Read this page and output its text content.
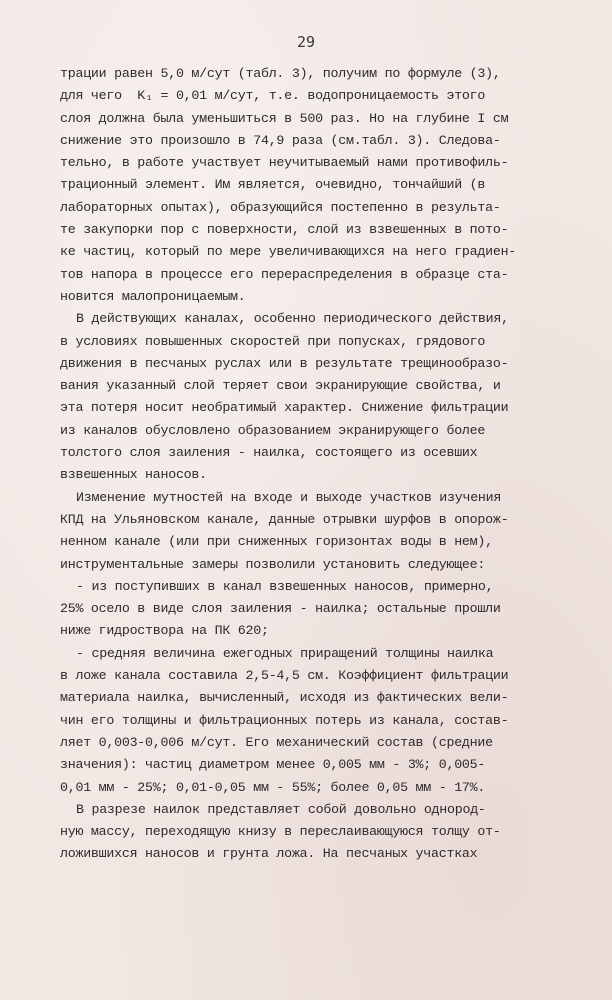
29
трации равен 5,0 м/сут (табл. 3), получим по формуле (3),
для чего  K₁ = 0,01 м/сут, т.е. водопроницаемость этого
слоя должна была уменьшиться в 500 раз. Но на глубине I см
снижение это произошло в 74,9 раза (см.табл. 3). Следова-
тельно, в работе участвует неучитываемый нами противофиль-
трационный элемент. Им является, очевидно, тончайший (в
лабораторных опытах), образующийся постепенно в результа-
те закупорки пор с поверхности, слой из взвешенных в пото-
ке частиц, который по мере увеличивающихся на него градиен-
тов напора в процессе его перераспределения в образце ста-
новится малопроницаемым.
В действующих каналах, особенно периодического действия,
в условиях повышенных скоростей при попусках, грядового
движения в песчаных руслах или в результате трещинообразо-
вания указанный слой теряет свои экранирующие свойства, и
эта потеря носит необратимый характер. Снижение фильтрации
из каналов обусловлено образованием экранирующего более
толстого слоя заиления - наилка, состоящего из осевших
взвешенных наносов.
Изменение мутностей на входе и выходе участков изучения
КПД на Ульяновском канале, данные отрывки шурфов в опорож-
ненном канале (или при сниженных горизонтах воды в нем),
инструментальные замеры позволили установить следующее:
- из поступивших в канал взвешенных наносов, примерно,
25% осело в виде слоя заиления - наилка; остальные прошли
ниже гидроствора на ПК 620;
- средняя величина ежегодных приращений толщины наилка
в ложе канала составила 2,5-4,5 см. Коэффициент фильтрации
материала наилка, вычисленный, исходя из фактических вели-
чин его толщины и фильтрационных потерь из канала, состав-
ляет 0,003-0,006 м/сут. Его механический состав (средние
значения): частиц диаметром менее 0,005 мм - 3%; 0,005-
0,01 мм - 25%; 0,01-0,05 мм - 55%; более 0,05 мм - 17%.
В разрезе наилок представляет собой довольно однород-
ную массу, переходящую книзу в переслаивающуюся толщу от-
ложившихся наносов и грунта ложа. На песчаных участках
